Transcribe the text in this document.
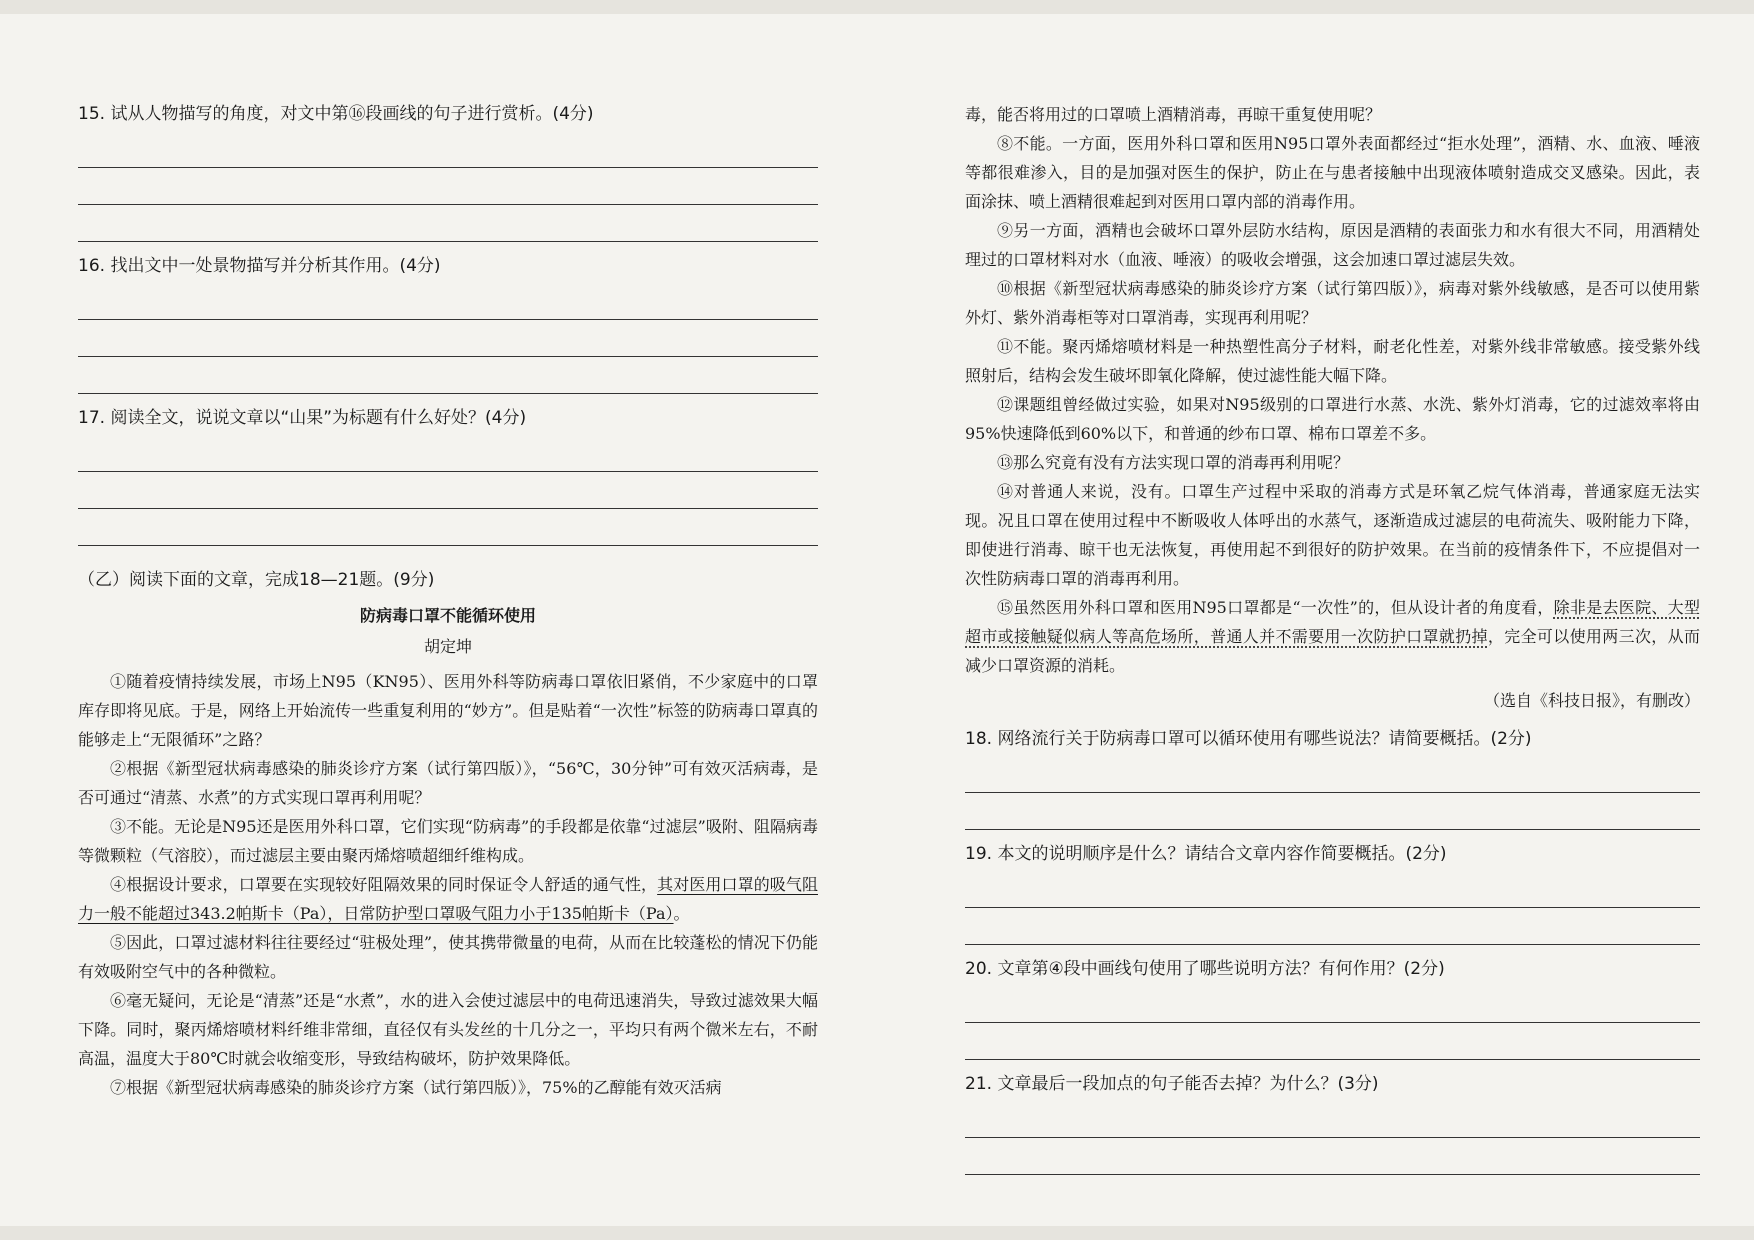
15. 试从人物描写的角度，对文中第⑯段画线的句子进行赏析。(4分)

16. 找出文中一处景物描写并分析其作用。(4分)

17. 阅读全文，说说文章以“山果”为标题有什么好处？(4分)

（乙）阅读下面的文章，完成18—21题。(9分)

防病毒口罩不能循环使用

胡定坤

①随着疫情持续发展，市场上N95（KN95）、医用外科等防病毒口罩依旧紧俏，不少家庭中的口罩库存即将见底。于是，网络上开始流传一些重复利用的“妙方”。但是贴着“一次性”标签的防病毒口罩真的能够走上“无限循环”之路？

②根据《新型冠状病毒感染的肺炎诊疗方案（试行第四版）》，“56℃，30分钟”可有效灭活病毒，是否可通过“清蒸、水煮”的方式实现口罩再利用呢？

③不能。无论是N95还是医用外科口罩，它们实现“防病毒”的手段都是依靠“过滤层”吸附、阻隔病毒等微颗粒（气溶胶），而过滤层主要由聚丙烯熔喷超细纤维构成。

④根据设计要求，口罩要在实现较好阻隔效果的同时保证令人舒适的通气性，其对医用口罩的吸气阻力一般不能超过343.2帕斯卡（Pa），日常防护型口罩吸气阻力小于135帕斯卡（Pa）。

⑤因此，口罩过滤材料往往要经过“驻极处理”，使其携带微量的电荷，从而在比较蓬松的情况下仍能有效吸附空气中的各种微粒。

⑥毫无疑问，无论是“清蒸”还是“水煮”，水的进入会使过滤层中的电荷迅速消失，导致过滤效果大幅下降。同时，聚丙烯熔喷材料纤维非常细，直径仅有头发丝的十几分之一，平均只有两个微米左右，不耐高温，温度大于80℃时就会收缩变形，导致结构破坏，防护效果降低。

⑦根据《新型冠状病毒感染的肺炎诊疗方案（试行第四版）》，75%的乙醇能有效灭活病

毒，能否将用过的口罩喷上酒精消毒，再晾干重复使用呢？

⑧不能。一方面，医用外科口罩和医用N95口罩外表面都经过“拒水处理”，酒精、水、血液、唾液等都很难渗入，目的是加强对医生的保护，防止在与患者接触中出现液体喷射造成交叉感染。因此，表面涂抹、喷上酒精很难起到对医用口罩内部的消毒作用。

⑨另一方面，酒精也会破坏口罩外层防水结构，原因是酒精的表面张力和水有很大不同，用酒精处理过的口罩材料对水（血液、唾液）的吸收会增强，这会加速口罩过滤层失效。

⑩根据《新型冠状病毒感染的肺炎诊疗方案（试行第四版）》，病毒对紫外线敏感，是否可以使用紫外灯、紫外消毒柜等对口罩消毒，实现再利用呢？

⑪不能。聚丙烯熔喷材料是一种热塑性高分子材料，耐老化性差，对紫外线非常敏感。接受紫外线照射后，结构会发生破坏即氧化降解，使过滤性能大幅下降。

⑫课题组曾经做过实验，如果对N95级别的口罩进行水蒸、水洗、紫外灯消毒，它的过滤效率将由95%快速降低到60%以下，和普通的纱布口罩、棉布口罩差不多。

⑬那么究竟有没有方法实现口罩的消毒再利用呢？

⑭对普通人来说，没有。口罩生产过程中采取的消毒方式是环氧乙烷气体消毒，普通家庭无法实现。况且口罩在使用过程中不断吸收人体呼出的水蒸气，逐渐造成过滤层的电荷流失、吸附能力下降，即使进行消毒、晾干也无法恢复，再使用起不到很好的防护效果。在当前的疫情条件下，不应提倡对一次性防病毒口罩的消毒再利用。

⑮虽然医用外科口罩和医用N95口罩都是“一次性”的，但从设计者的角度看，除非是去医院、大型超市或接触疑似病人等高危场所，普通人并不需要用一次防护口罩就扔掉，完全可以使用两三次，从而减少口罩资源的消耗。

（选自《科技日报》，有删改）

18. 网络流行关于防病毒口罩可以循环使用有哪些说法？请简要概括。(2分)

19. 本文的说明顺序是什么？请结合文章内容作简要概括。(2分)

20. 文章第④段中画线句使用了哪些说明方法？有何作用？(2分)

21. 文章最后一段加点的句子能否去掉？为什么？(3分)
